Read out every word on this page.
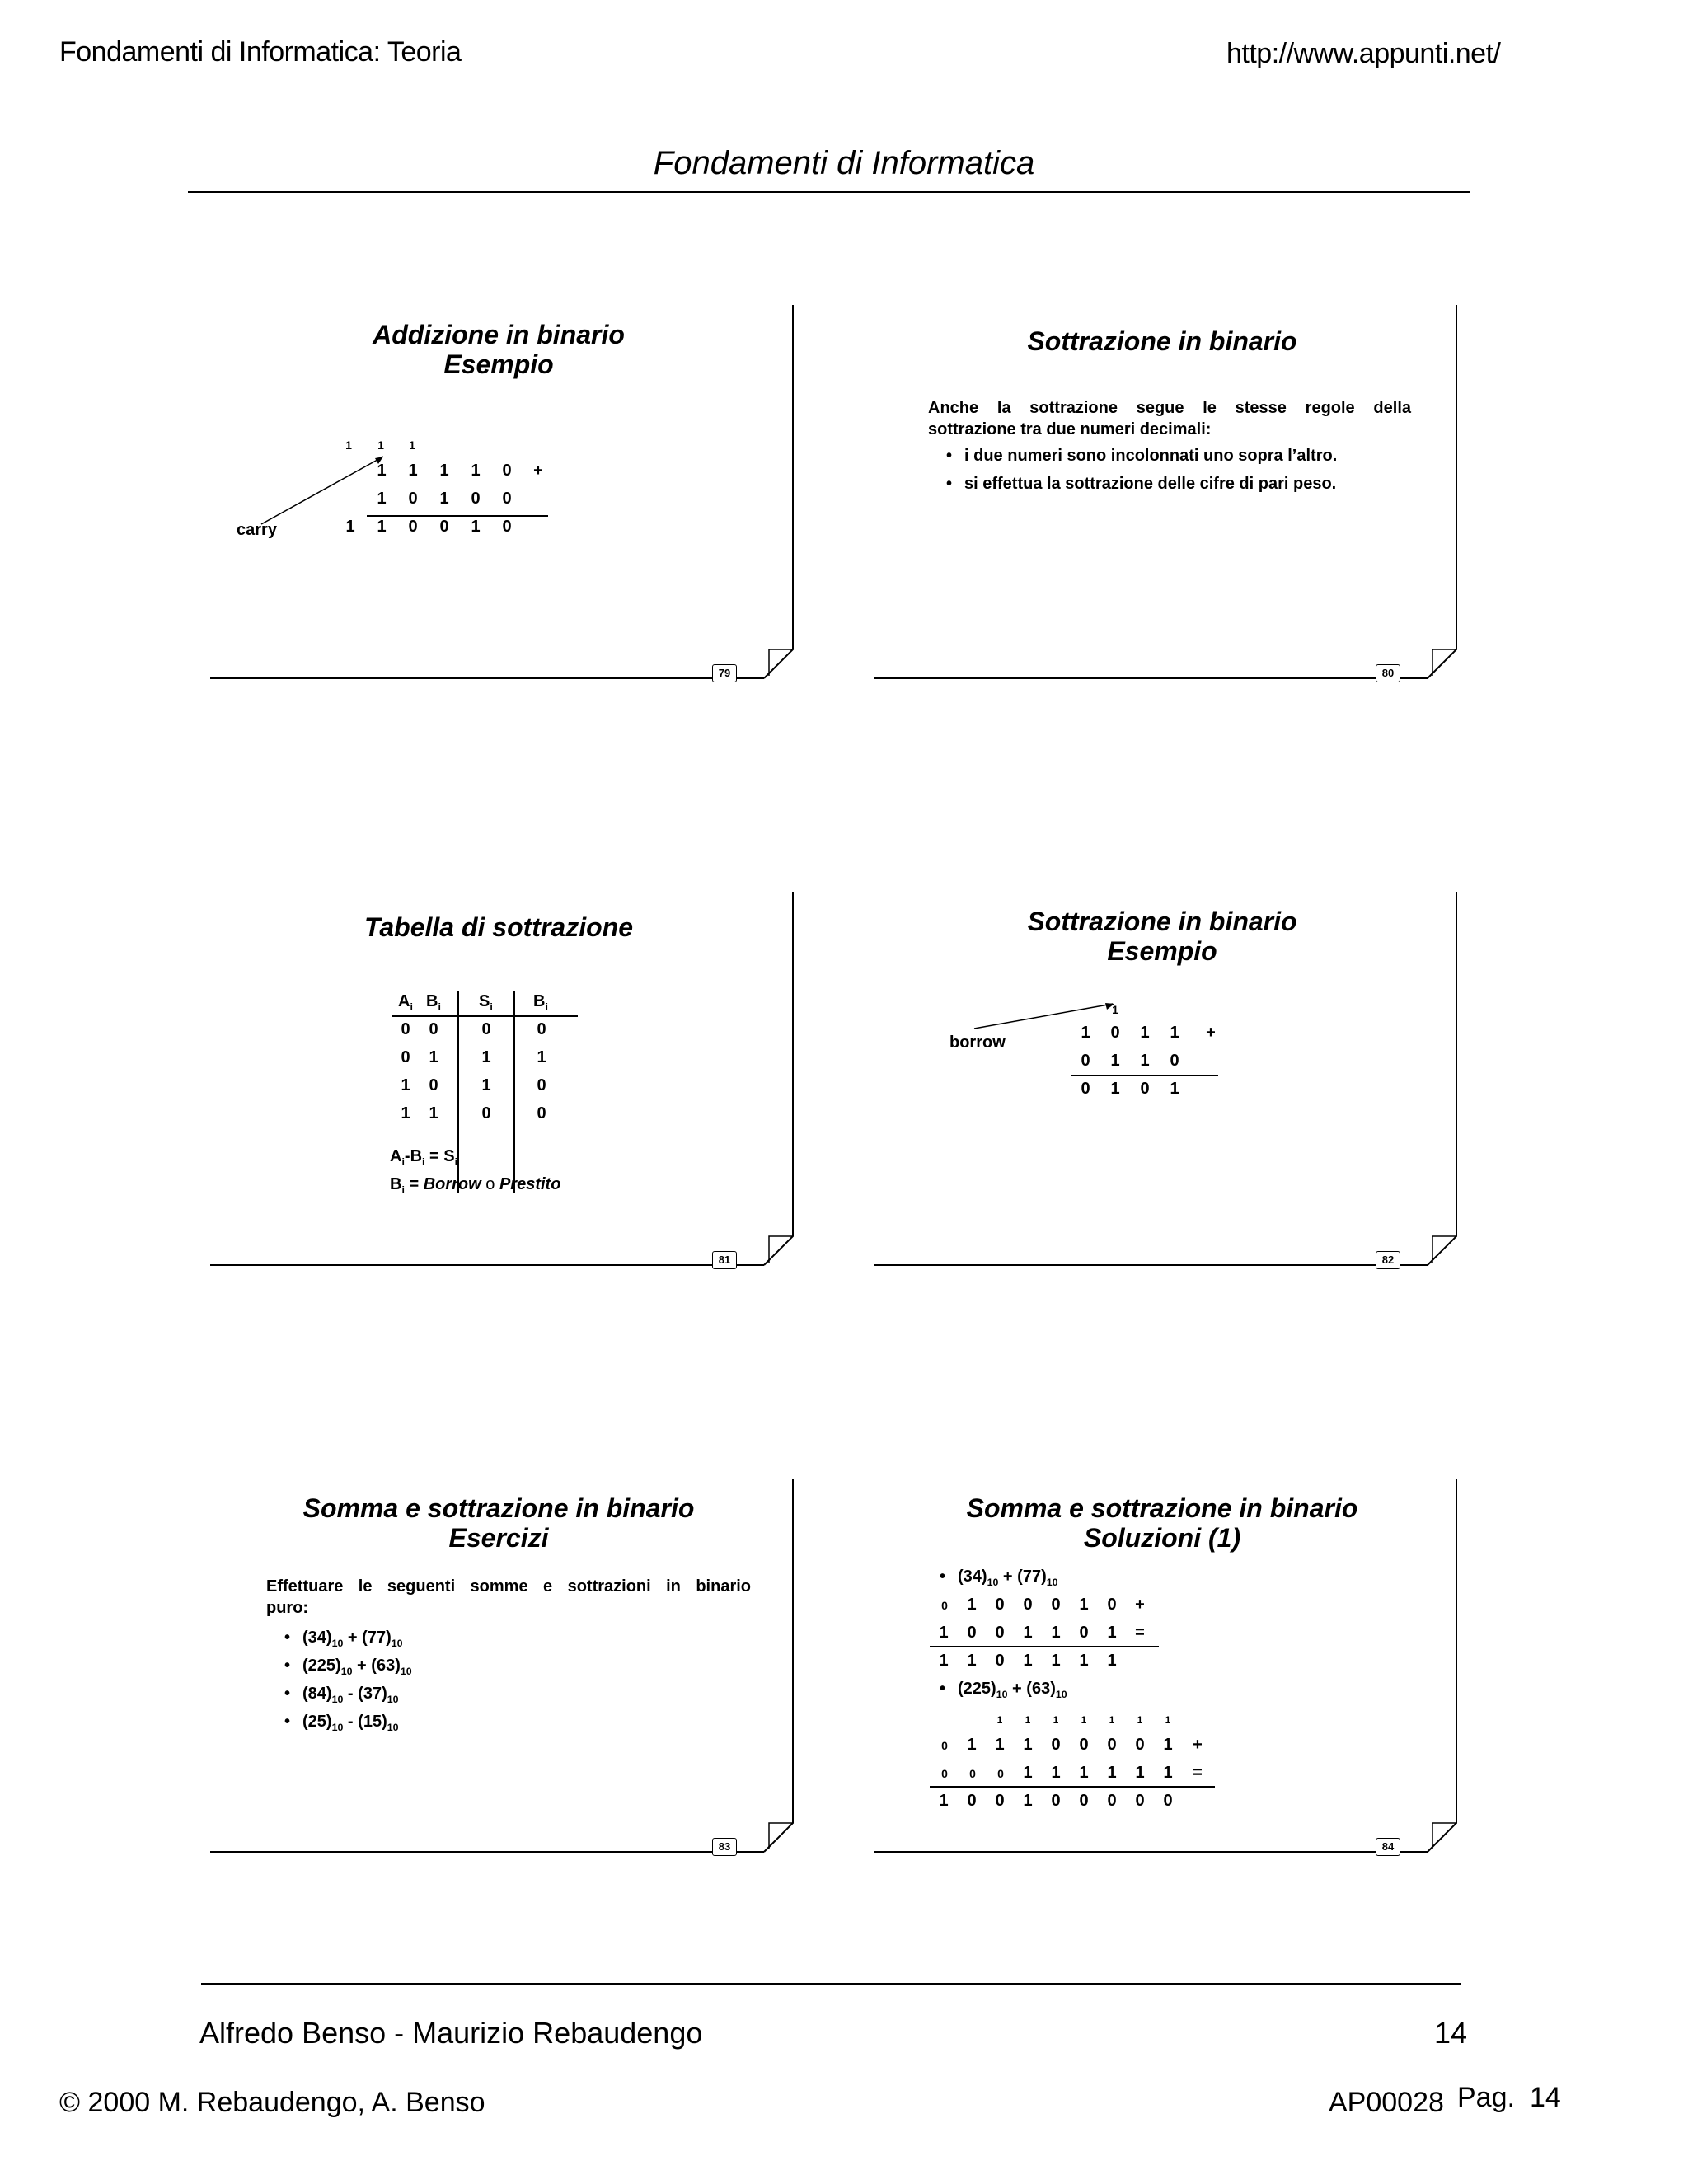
Fondamenti di Informatica: Teoria	http://www.appunti.net/
Fondamenti di Informatica
Addizione in binario
Esempio
1	1	1
1 1 1 1 0 +
1 0 1 0 0
1 1 0 0 1 0
carry
79
Sottrazione in binario
Anche la sottrazione segue le stesse regole della
sottrazione tra due numeri decimali:
• i due numeri sono incolonnati uno sopra l’altro.
• si effettua la sottrazione delle cifre di pari peso.
80
Tabella di sottrazione
$A_i$ $B_i$ $S_i$ $B_i$
0 0	0	0
0 1	1	1
1 0	1	0
1 1	0	0
$A_i-B_i = S_i$
$B_i$ = Borrow o Prestito
81
Sottrazione in binario
Esempio
borrow
1
1 0 1 1 +
0 1 1 0
0 1 0 1
82
Somma e sottrazione in binario
Esercizi
Effettuare le seguenti somme e sottrazioni in binario
puro:
• $(34)_{10} + (77)_{10}$
• $(225)_{10} + (63)_{10}$
• $(84)_{10} - (37)_{10}$
• $(25)_{10} - (15)_{10}$
83
Somma e sottrazione in binario
Soluzioni (1)
• $(34)_{10} + (77)_{10}$
0	1 0 0 0 1 0 +
1 0 0 1 1 0 1 =
1 1 0 1 1 1 1
• $(225)_{10} + (63)_{10}$
1	1	1	1	1	1	1
0	1 1 1 0 0 0 0 1 +
0	0	0	1 1 1 1 1 1 =
1 0 0 1 0 0 0 0 0
84
Alfredo Benso - Maurizio Rebaudengo	14
© 2000 M. Rebaudengo, A. Benso	AP00028 Pag. 14
